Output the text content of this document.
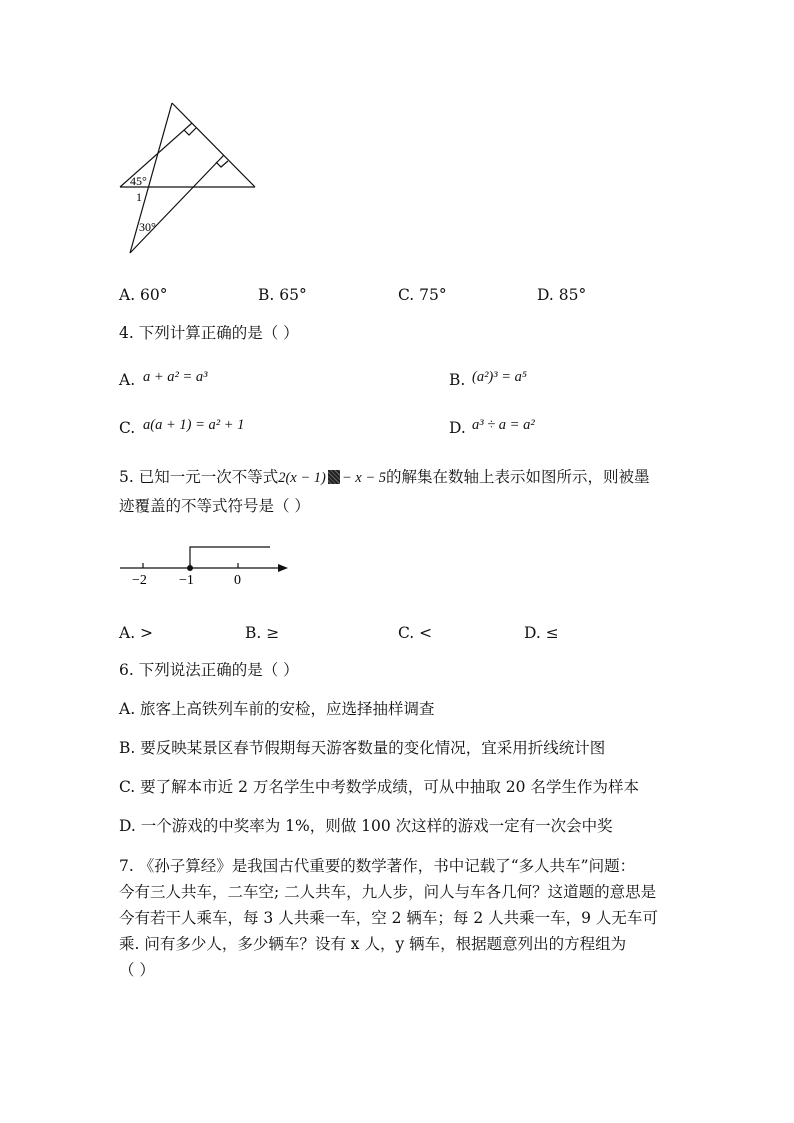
45°
1
30°
A. 60°	B. 65°	C. 75°	D. 85°
4. 下列计算正确的是（ ）
A. a + a² = a³	B. (a²)³ = a⁵
C. a(a + 1) = a² + 1	D. a³ ÷ a = a²
5. 已知一元一次不等式2(x − 1) − x − 5的解集在数轴上表示如图所示，则被墨
迹覆盖的不等式符号是（ ）
−2 −1	0
A. >	B. ≥	C. <	D. ≤
6. 下列说法正确的是（ ）
A. 旅客上高铁列车前的安检，应选择抽样调查
B. 要反映某景区春节假期每天游客数量的变化情况，宜采用折线统计图
C. 要了解本市近 2 万名学生中考数学成绩，可从中抽取 20 名学生作为样本
D. 一个游戏的中奖率为 1%，则做 100 次这样的游戏一定有一次会中奖
7. 《孙子算经》是我国古代重要的数学著作，书中记载了“多人共车”问题：
今有三人共车，二车空; 二人共车，九人步，问人与车各几何？这道题的意思是
今有若干人乘车，每 3 人共乘一车，空 2 辆车；每 2 人共乘一车，9 人无车可
乘. 问有多少人，多少辆车？设有 x 人，y 辆车，根据题意列出的方程组为
（ ）
